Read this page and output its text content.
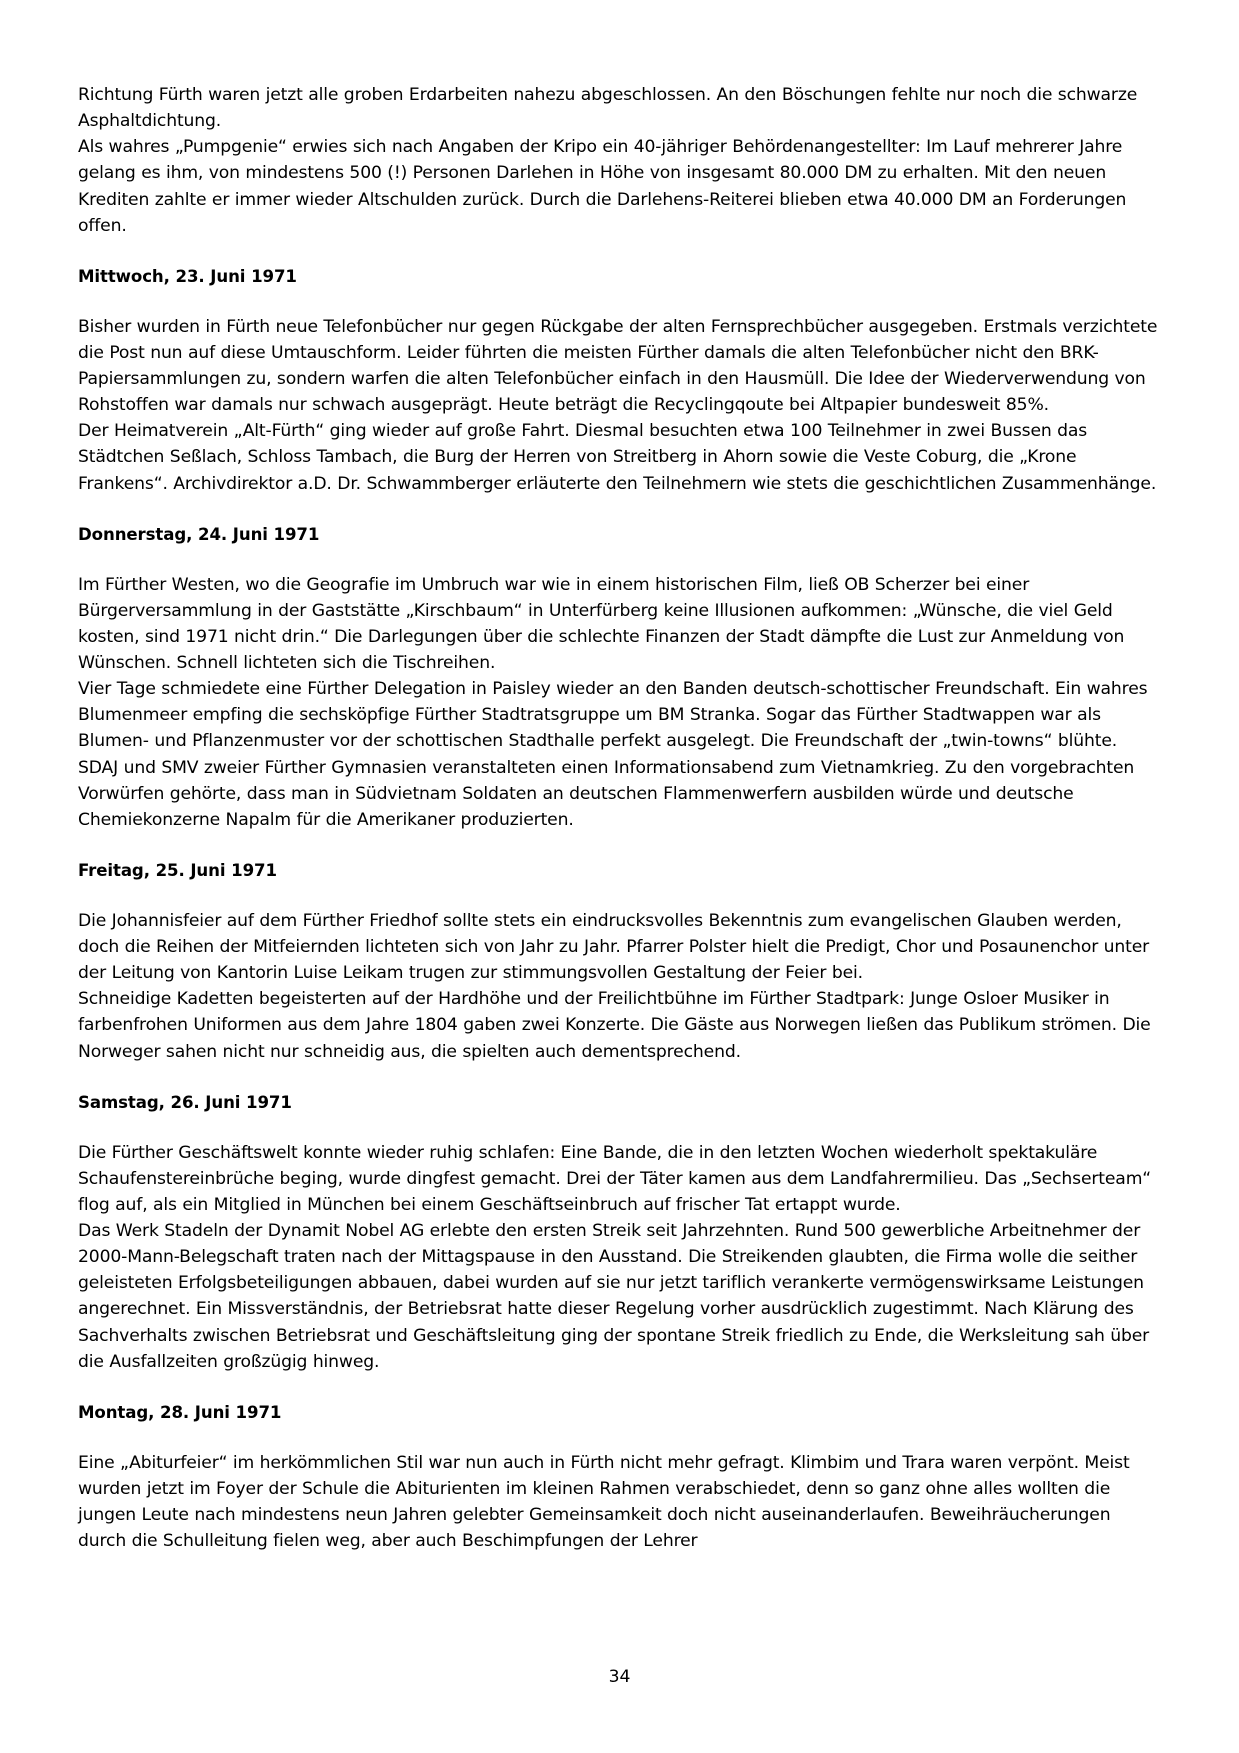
Richtung Fürth waren jetzt alle groben Erdarbeiten nahezu abgeschlossen. An den Böschungen fehlte nur noch die schwarze Asphaltdichtung.

Als wahres „Pumpgenie“ erwies sich nach Angaben der Kripo ein 40-jähriger Behördenangestellter: Im Lauf mehrerer Jahre gelang es ihm, von mindestens 500 (!) Personen Darlehen in Höhe von insgesamt 80.000 DM zu erhalten. Mit den neuen Krediten zahlte er immer wieder Altschulden zurück. Durch die Darlehens-Reiterei blieben etwa 40.000 DM an Forderungen offen.

Mittwoch, 23. Juni 1971

Bisher wurden in Fürth neue Telefonbücher nur gegen Rückgabe der alten Fernsprechbücher ausgegeben. Erstmals verzichtete die Post nun auf diese Umtauschform. Leider führten die meisten Fürther damals die alten Telefonbücher nicht den BRK-Papiersammlungen zu, sondern warfen die alten Telefonbücher einfach in den Hausmüll. Die Idee der Wiederverwendung von Rohstoffen war damals nur schwach ausgeprägt. Heute beträgt die Recyclingqoute bei Altpapier bundesweit 85%.

Der Heimatverein „Alt-Fürth“ ging wieder auf große Fahrt. Diesmal besuchten etwa 100 Teilnehmer in zwei Bussen das Städtchen Seßlach, Schloss Tambach, die Burg der Herren von Streitberg in Ahorn sowie die Veste Coburg, die „Krone Frankens“. Archivdirektor a.D. Dr. Schwammberger erläuterte den Teilnehmern wie stets die geschichtlichen Zusammenhänge.

Donnerstag, 24. Juni 1971

Im Fürther Westen, wo die Geografie im Umbruch war wie in einem historischen Film, ließ OB Scherzer bei einer Bürgerversammlung in der Gaststätte „Kirschbaum“ in Unterfürberg keine Illusionen aufkommen: „Wünsche, die viel Geld kosten, sind 1971 nicht drin.“ Die Darlegungen über die schlechte Finanzen der Stadt dämpfte die Lust zur Anmeldung von Wünschen. Schnell lichteten sich die Tischreihen.

Vier Tage schmiedete eine Fürther Delegation in Paisley wieder an den Banden deutsch-schottischer Freundschaft. Ein wahres Blumenmeer empfing die sechsköpfige Fürther Stadtratsgruppe um BM Stranka. Sogar das Fürther Stadtwappen war als Blumen- und Pflanzenmuster vor der schottischen Stadthalle perfekt ausgelegt. Die Freundschaft der „twin-towns“ blühte.

SDAJ und SMV zweier Fürther Gymnasien veranstalteten einen Informationsabend zum Vietnamkrieg. Zu den vorgebrachten Vorwürfen gehörte, dass man in Südvietnam Soldaten an deutschen Flammenwerfern ausbilden würde und deutsche Chemiekonzerne Napalm für die Amerikaner produzierten.

Freitag, 25. Juni 1971

Die Johannisfeier auf dem Fürther Friedhof sollte stets ein eindrucksvolles Bekenntnis zum evangelischen Glauben werden, doch die Reihen der Mitfeiernden lichteten sich von Jahr zu Jahr. Pfarrer Polster hielt die Predigt, Chor und Posaunenchor unter der Leitung von Kantorin Luise Leikam trugen zur stimmungsvollen Gestaltung der Feier bei.

Schneidige Kadetten begeisterten auf der Hardhöhe und der Freilichtbühne im Fürther Stadtpark: Junge Osloer Musiker in farbenfrohen Uniformen aus dem Jahre 1804 gaben zwei Konzerte. Die Gäste aus Norwegen ließen das Publikum strömen. Die Norweger sahen nicht nur schneidig aus, die spielten auch dementsprechend.

Samstag, 26. Juni 1971

Die Fürther Geschäftswelt konnte wieder ruhig schlafen: Eine Bande, die in den letzten Wochen wiederholt spektakuläre Schaufenstereinbrüche beging, wurde dingfest gemacht. Drei der Täter kamen aus dem Landfahrermilieu. Das „Sechserteam“ flog auf, als ein Mitglied in München bei einem Geschäftseinbruch auf frischer Tat ertappt wurde.

Das Werk Stadeln der Dynamit Nobel AG erlebte den ersten Streik seit Jahrzehnten. Rund 500 gewerbliche Arbeitnehmer der 2000-Mann-Belegschaft traten nach der Mittagspause in den Ausstand. Die Streikenden glaubten, die Firma wolle die seither geleisteten Erfolgsbeteiligungen abbauen, dabei wurden auf sie nur jetzt tariflich verankerte vermögenswirksame Leistungen angerechnet. Ein Missverständnis, der Betriebsrat hatte dieser Regelung vorher ausdrücklich zugestimmt. Nach Klärung des Sachverhalts zwischen Betriebsrat und Geschäftsleitung ging der spontane Streik friedlich zu Ende, die Werksleitung sah über die Ausfallzeiten großzügig hinweg.

Montag, 28. Juni 1971

Eine „Abiturfeier“ im herkömmlichen Stil war nun auch in Fürth nicht mehr gefragt. Klimbim und Trara waren verpönt. Meist wurden jetzt im Foyer der Schule die Abiturienten im kleinen Rahmen verabschiedet, denn so ganz ohne alles wollten die jungen Leute nach mindestens neun Jahren gelebter Gemeinsamkeit doch nicht auseinanderlaufen. Beweihräucherungen durch die Schulleitung fielen weg, aber auch Beschimpfungen der Lehrer

34
